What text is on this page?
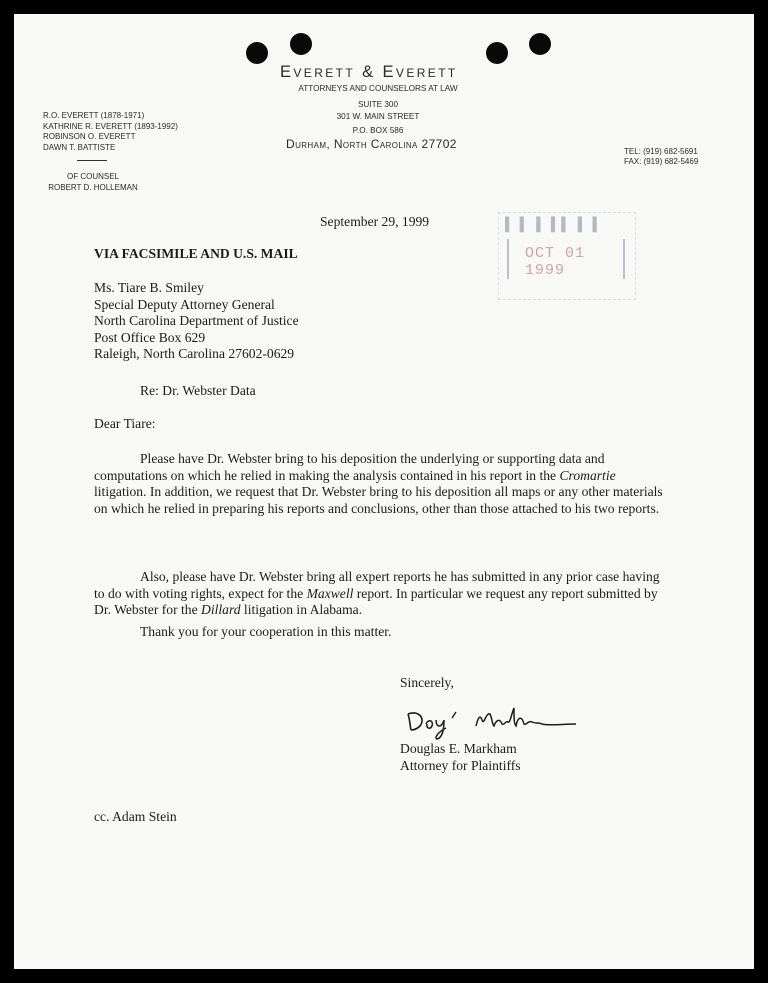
Everett & Everett
ATTORNEYS AND COUNSELORS AT LAW
SUITE 300
301 W. MAIN STREET
P.O. BOX 586
Durham, North Carolina 27702
R.O. EVERETT (1878-1971)
KATHRINE R. EVERETT (1893-1992)
ROBINSON O. EVERETT
DAWN T. BATTISTE
OF COUNSEL
ROBERT D. HOLLEMAN
TEL: (919) 682-5691
FAX: (919) 682-5469
▌▐ ▌▐▐ ▌▐
OCT 01 1999
September 29, 1999
VIA FACSIMILE AND U.S. MAIL
Ms. Tiare B. Smiley
Special Deputy Attorney General
North Carolina Department of Justice
Post Office Box 629
Raleigh, North Carolina 27602-0629
Re: Dr. Webster Data
Dear Tiare:
Please have Dr. Webster bring to his deposition the underlying or supporting data and computations on which he relied in making the analysis contained in his report in the Cromartie litigation. In addition, we request that Dr. Webster bring to his deposition all maps or any other materials on which he relied in preparing his reports and conclusions, other than those attached to his two reports.
Also, please have Dr. Webster bring all expert reports he has submitted in any prior case having to do with voting rights, expect for the Maxwell report. In particular we request any report submitted by Dr. Webster for the Dillard litigation in Alabama.
Thank you for your cooperation in this matter.
Sincerely,
Douglas E. Markham
Attorney for Plaintiffs
cc. Adam Stein
